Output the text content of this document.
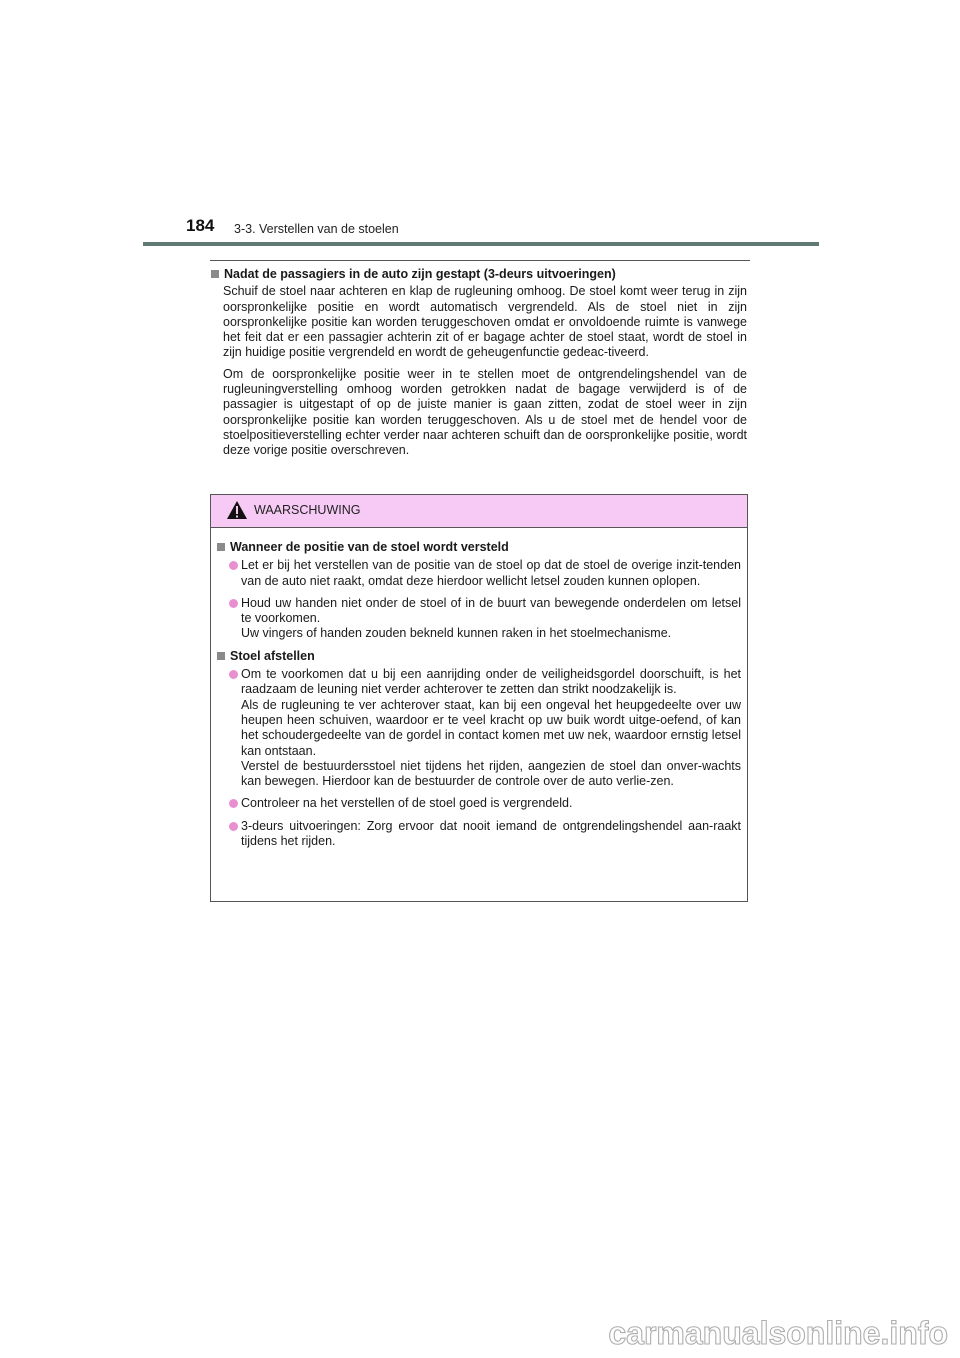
184 3-3. Verstellen van de stoelen
Nadat de passagiers in de auto zijn gestapt (3-deurs uitvoeringen)
Schuif de stoel naar achteren en klap de rugleuning omhoog. De stoel komt weer terug in zijn oorspronkelijke positie en wordt automatisch vergrendeld. Als de stoel niet in zijn oorspronkelijke positie kan worden teruggeschoven omdat er onvoldoende ruimte is vanwege het feit dat er een passagier achterin zit of er bagage achter de stoel staat, wordt de stoel in zijn huidige positie vergrendeld en wordt de geheugenfunctie gedeac-tiveerd.
Om de oorspronkelijke positie weer in te stellen moet de ontgrendelingshendel van de rugleuningverstelling omhoog worden getrokken nadat de bagage verwijderd is of de passagier is uitgestapt of op de juiste manier is gaan zitten, zodat de stoel weer in zijn oorspronkelijke positie kan worden teruggeschoven. Als u de stoel met de hendel voor de stoelpositieverstelling echter verder naar achteren schuift dan de oorspronkelijke positie, wordt deze vorige positie overschreven.
WAARSCHUWING
Wanneer de positie van de stoel wordt versteld
Let er bij het verstellen van de positie van de stoel op dat de stoel de overige inzit-tenden van de auto niet raakt, omdat deze hierdoor wellicht letsel zouden kunnen oplopen.
Houd uw handen niet onder de stoel of in de buurt van bewegende onderdelen om letsel te voorkomen.
Uw vingers of handen zouden bekneld kunnen raken in het stoelmechanisme.
Stoel afstellen
Om te voorkomen dat u bij een aanrijding onder de veiligheidsgordel doorschuift, is het raadzaam de leuning niet verder achterover te zetten dan strikt noodzakelijk is.
Als de rugleuning te ver achterover staat, kan bij een ongeval het heupgedeelte over uw heupen heen schuiven, waardoor er te veel kracht op uw buik wordt uitge-oefend, of kan het schoudergedeelte van de gordel in contact komen met uw nek, waardoor ernstig letsel kan ontstaan.
Verstel de bestuurdersstoel niet tijdens het rijden, aangezien de stoel dan onver-wachts kan bewegen. Hierdoor kan de bestuurder de controle over de auto verlie-zen.
Controleer na het verstellen of de stoel goed is vergrendeld.
3-deurs uitvoeringen: Zorg ervoor dat nooit iemand de ontgrendelingshendel aan-raakt tijdens het rijden.
carmanualsonline.info
